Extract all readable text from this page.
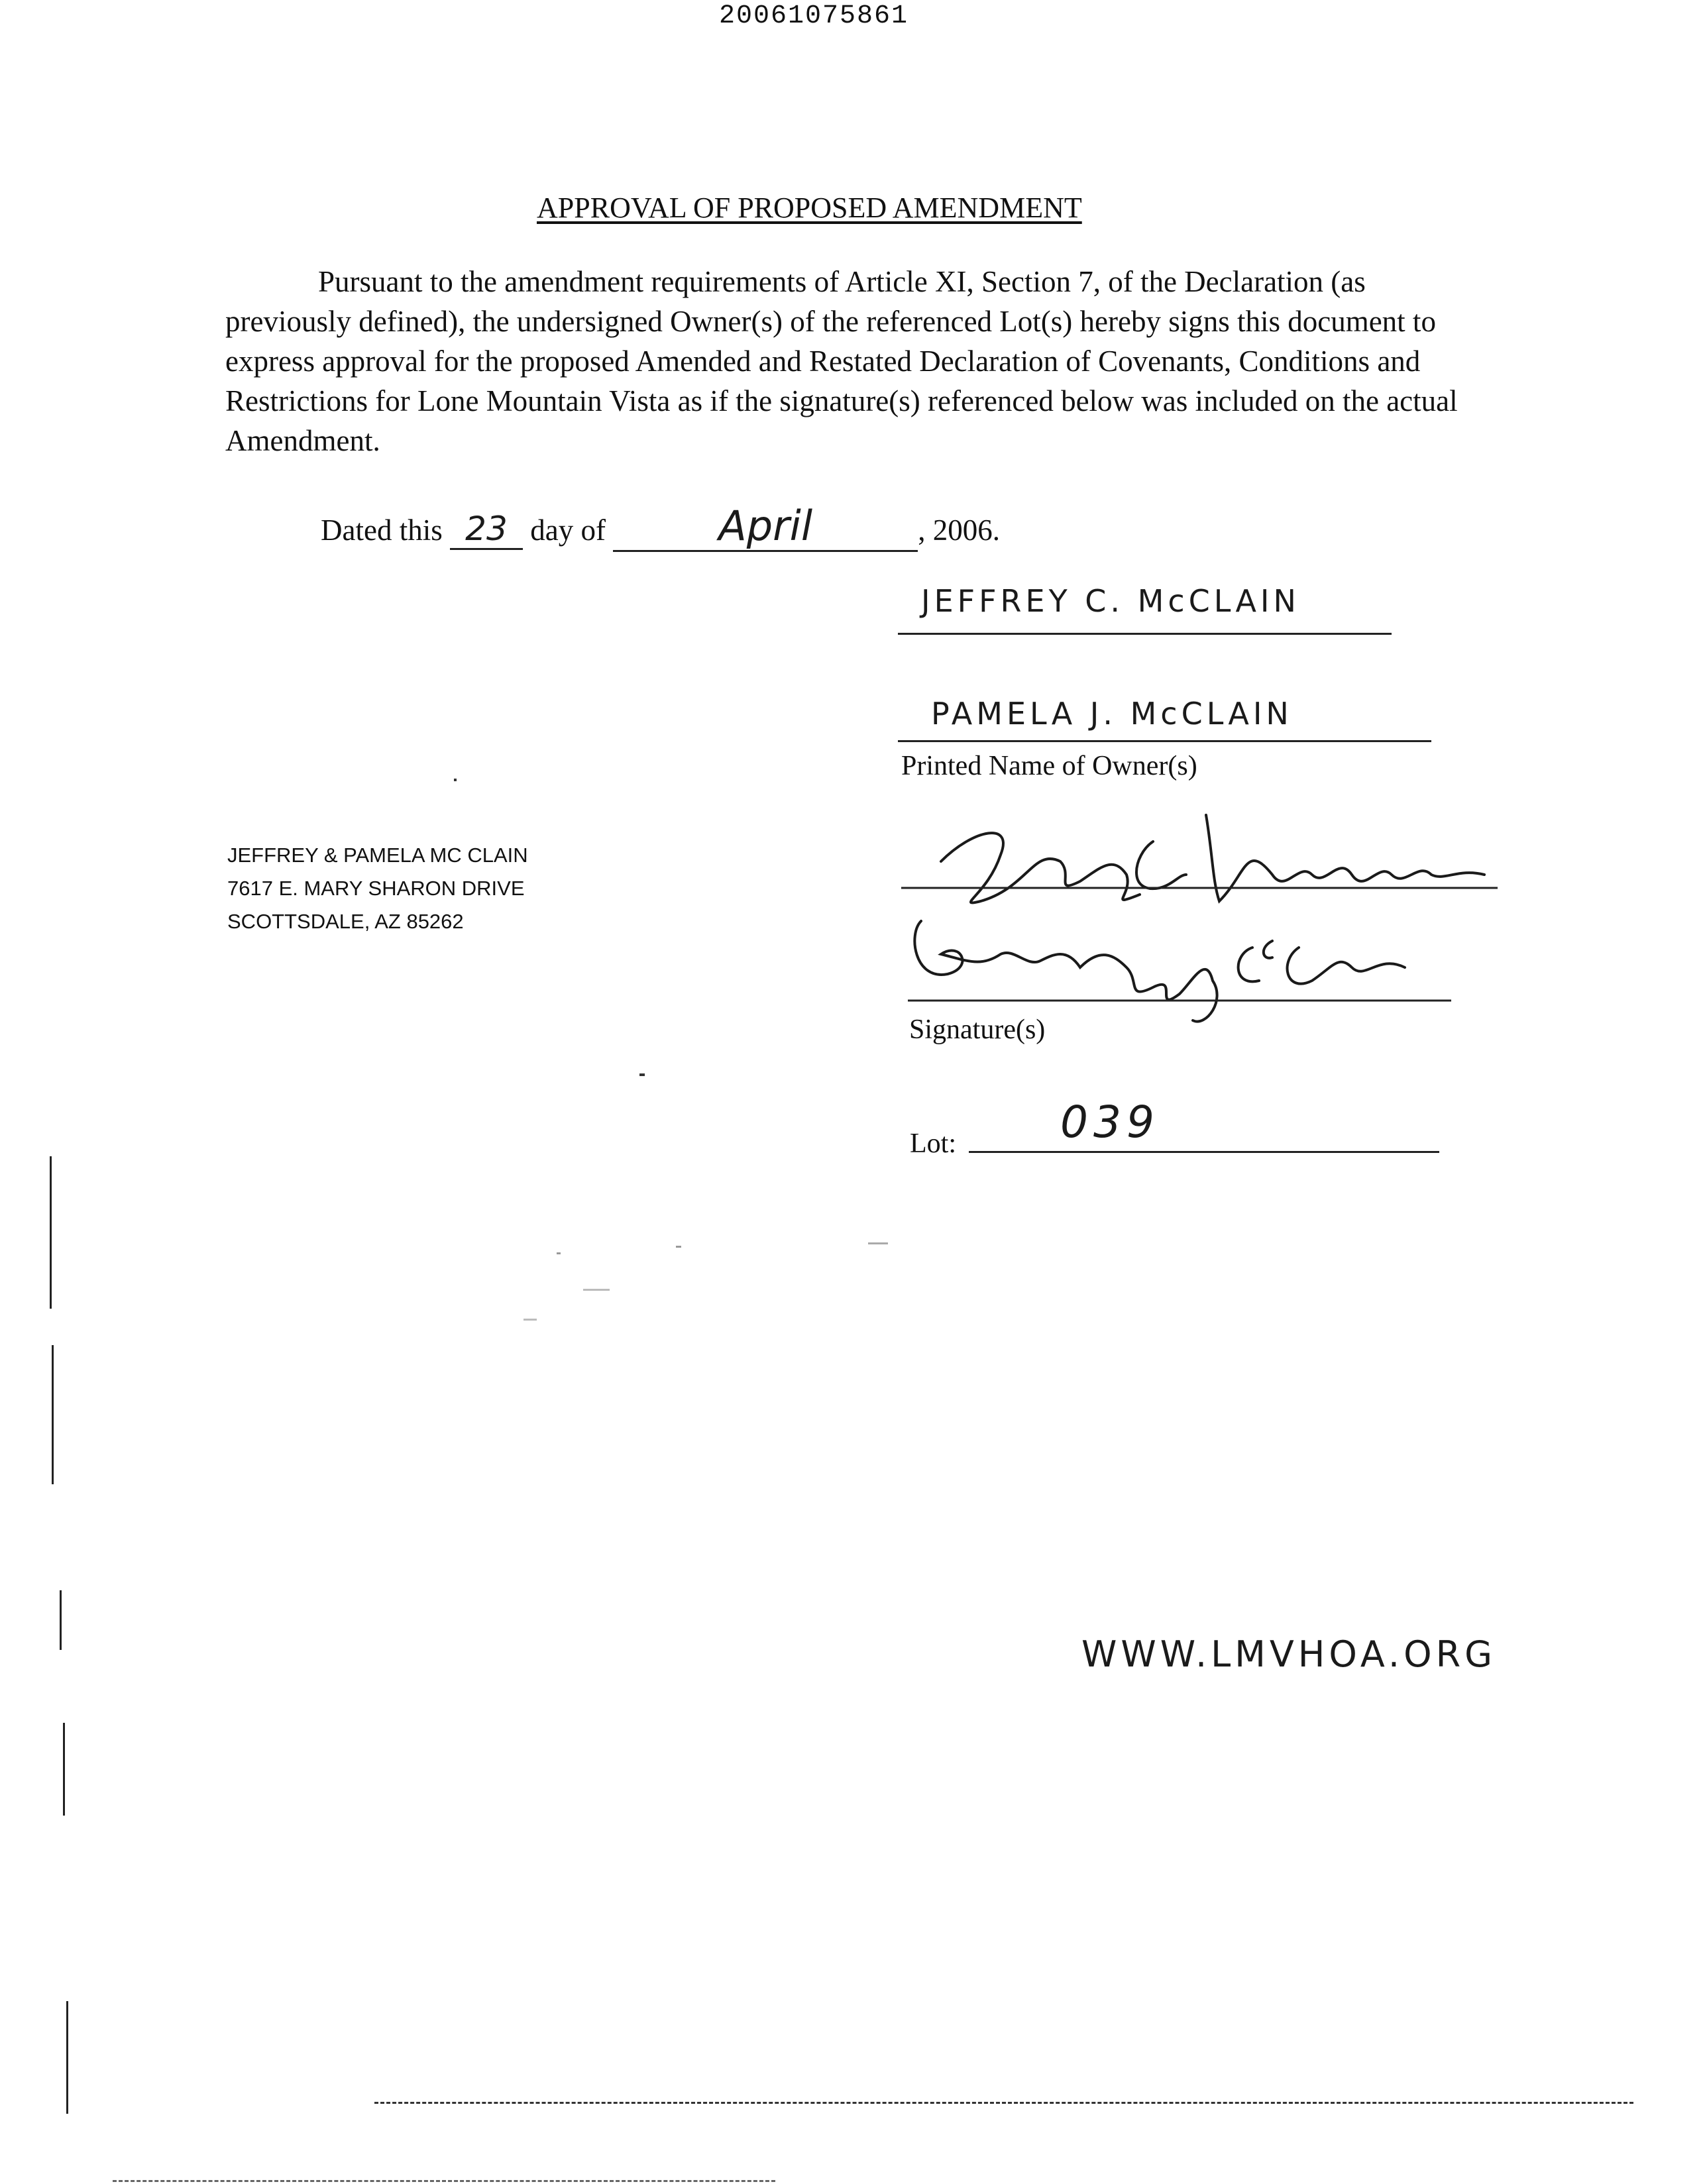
20061075861
APPROVAL OF PROPOSED AMENDMENT

Pursuant to the amendment requirements of Article XI, Section 7, of the Declaration (as previously defined), the undersigned Owner(s) of the referenced Lot(s) hereby signs this document to express approval for the proposed Amended and Restated Declaration of Covenants, Conditions and Restrictions for Lone Mountain Vista as if the signature(s) referenced below was included on the actual Amendment.

Dated this 23 day of	April	, 2006.
JEFFREY C. McCLAIN
PAMELA J. McCLAIN
Printed Name of Owner(s)
Signature(s)
Lot: 039
JEFFREY & PAMELA MC CLAIN
7617 E. MARY SHARON DRIVE
SCOTTSDALE, AZ 85262
WWW.LMVHOA.ORG
